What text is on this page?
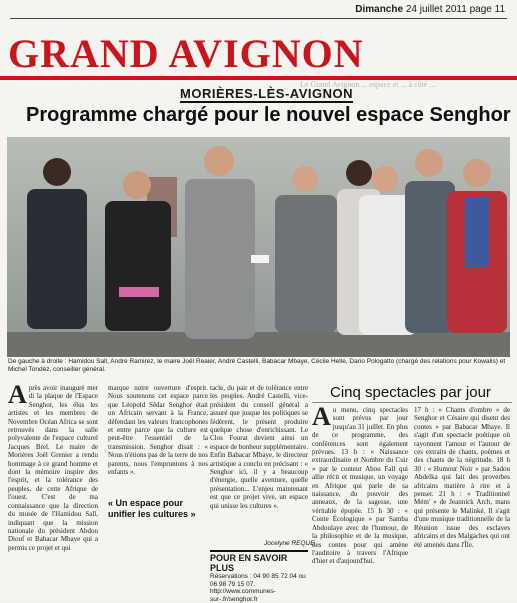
Dimanche 24 juillet 2011 page 11
GRAND AVIGNON
Le Grand Avignon ... espace et ... à côté ...
MORIÈRES-LÈS-AVIGNON
Programme chargé pour le nouvel espace Senghor
De gauche à droite : Hamidou Sall, André Ramirez, le maire Joël Reaier, André Castelli, Babacar Mbaye, Cécile Helle, Dario Pologatto (chargé des relations pour Kowalis) et Michel Tondéz, conseiller général.
Cinq spectacles par jour
Après avoir inauguré mer di la plaque de l'Espace Senghor, les élus les artistes et les membres de Novembre Océan Africa se sont retrouvés dans la salle polyvalente de l'espace culturel Jacques Brel. Le maire de Morières Joël Grenier a rendu hommage à ce grand homme et dont la mémoire inspire des l'esprit, et la tolérance des peuples, de cette Afrique de l'ouest. C'est de ma connaissance que la direction du musée de l'Hamidou Sall, indiquant que la mission nationale du président Abdou Diouf et Babacar Mbaye qui a permis ce projet et qui
marque notre ouverture d'esprit. Nous soutenons cet espace parce que Léopold Sédar Senghor était un Africain servant à la France, défendant les valeurs francophones et entre parce que la culture est peut-être l'essentiel de la transmission. Senghor disait : « Nous n'étions pas de la terre de nos parents, nous l'empruntons à nos enfants ».
« Un espace pour unifier les cultures »
tacle, du pair et de tolérance entre les peuples. André Castelli, vice-président du conseil général a assuré que jusque les politiques se fédèrent, le présent produire quelque chose d'enrichissant. Le Clos Fourat devient ainsi un espace de bonheur supplémentaire. Enfin Babacar Mbaye, le directeur artistique a conclu en précisant : « Senghor ici, il y a beaucoup d'énergie, quelle aventure, quelle présentation... L'enjeu maintenant est que ce projet vive, un espace qui unisse les cultures ».
Jocelyne REQUE
POUR EN SAVOIR PLUS
Réservations : 04 90 85 72 04 ou 06 98 79 15 07. http://www.communes-sur-.fr/senghor.fr
Au menu, cinq spectacles sont prévus par jour jusqu'au 31 juillet. En plus de ce programme, des conférences sont également prévues. 13 h : « Naissance extraordinaire et Nombre du Cuir » par le conteur Abou Fall qui allie récit et musique, un voyage en Afrique qui parle de sa naissance, du pouvoir des anneaux, de la sagesse, une véritable épopée. 15 h 30 : « Conte Écologique » par Samba Abdoulaye avec de l'humour, de la philosophie et de la musique, des contes pour qui amène l'auditoire à travers l'Afrique d'hier et d'aujourd'hui.
17 h : « Chants d'ombre » de Senghor et Césaire qui disent des contes » par Babacar Mbaye. Il s'agit d'un spectacle poétique où rayonnent l'amour et l'autour de ces extraits de chants, poèmes et des chants de la négritude. 18 h 30 : « Humour Noir » par Sadou Abdelka qui fait des proverbes africains matière à rire et à penser. 21 h : « Traditionnel Mém' » de Jeannick Arch, mans qui présente le Malinké. Il s'agit d'une musique traditionnelle de la Réunion issue des esclaves africains et des Malgaches qui ont été amenés dans l'Île.
